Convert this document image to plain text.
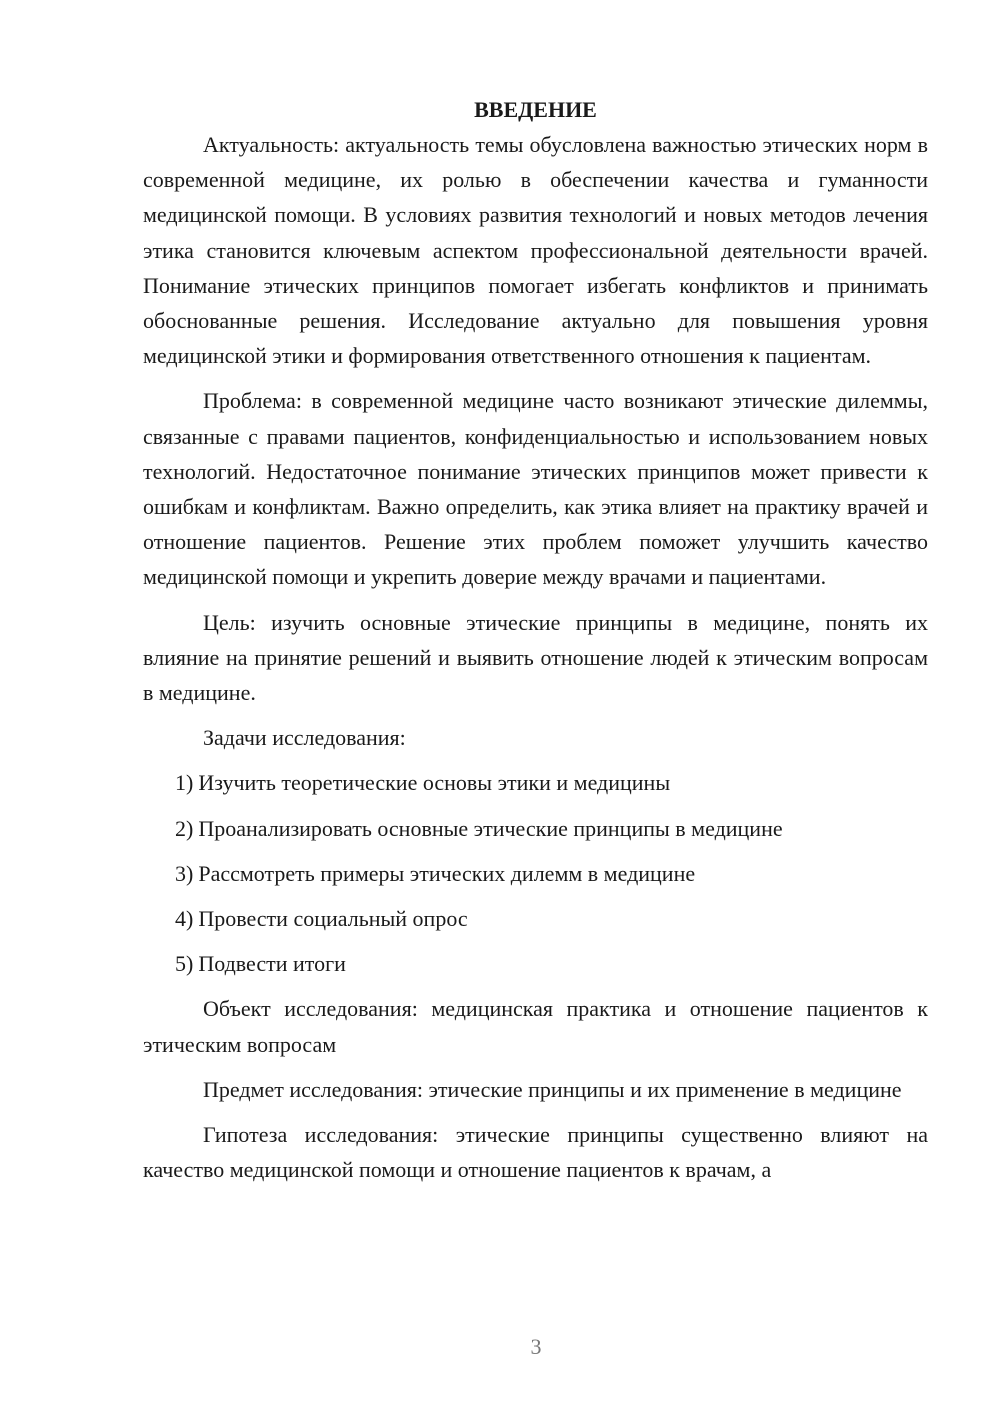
ВВЕДЕНИЕ

Актуальность: актуальность темы обусловлена важностью этических норм в современной медицине, их ролью в обеспечении качества и гуманности медицинской помощи. В условиях развития технологий и новых методов лечения этика становится ключевым аспектом профессиональной деятельности врачей. Понимание этических принципов помогает избегать конфликтов и принимать обоснованные решения. Исследование актуально для повышения уровня медицинской этики и формирования ответственного отношения к пациентам.

Проблема: в современной медицине часто возникают этические дилеммы, связанные с правами пациентов, конфиденциальностью и использованием новых технологий. Недостаточное понимание этических принципов может привести к ошибкам и конфликтам. Важно определить, как этика влияет на практику врачей и отношение пациентов. Решение этих проблем поможет улучшить качество медицинской помощи и укрепить доверие между врачами и пациентами.

Цель: изучить основные этические принципы в медицине, понять их влияние на принятие решений и выявить отношение людей к этическим вопросам в медицине.

Задачи исследования:

1) Изучить теоретические основы этики и медицины
2) Проанализировать основные этические принципы в медицине
3) Рассмотреть примеры этических дилемм в медицине
4) Провести социальный опрос
5) Подвести итоги

Объект исследования: медицинская практика и отношение пациентов к этическим вопросам

Предмет исследования: этические принципы и их применение в медицине

Гипотеза исследования: этические принципы существенно влияют на качество медицинской помощи и отношение пациентов к врачам, а

3
